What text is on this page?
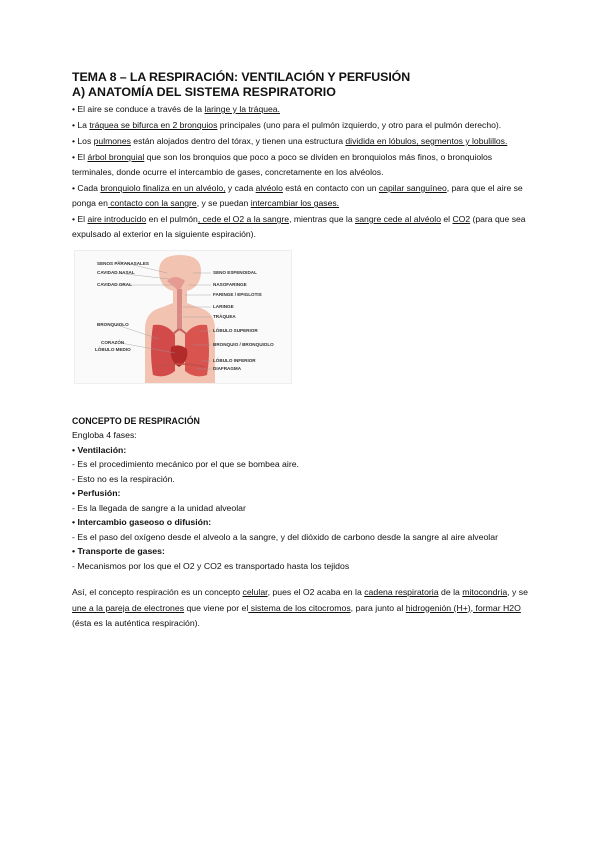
TEMA 8 – LA RESPIRACIÓN: VENTILACIÓN Y PERFUSIÓN
A) ANATOMÍA DEL SISTEMA RESPIRATORIO

• El aire se conduce a través de la laringe y la tráquea.

• La tráquea se bifurca en 2 bronquios principales (uno para el pulmón izquierdo, y otro para el pulmón derecho).

• Los pulmones están alojados dentro del tórax, y tienen una estructura dividida en lóbulos, segmentos y lobulillos.

• El árbol bronquial que son los bronquios que poco a poco se dividen en bronquiolos más finos, o bronquiolos terminales, donde ocurre el intercambio de gases, concretamente en los alvéolos.

• Cada bronquiolo finaliza en un alvéolo, y cada alvéolo está en contacto con un capilar sanguíneo, para que el aire se ponga en contacto con la sangre, y se puedan intercambiar los gases.

• El aire introducido en el pulmón, cede el O2 a la sangre, mientras que la sangre cede al alvéolo el CO2 (para que sea expulsado al exterior en la siguiente espiración).

SENOS PARANASALES
CAVIDAD NASAL
CAVIDAD ORAL
BRONQUIOLO
CORAZÓN
LÓBULO MEDIO
SENO ESFENOIDAL
NASOFARINGE
FARINGE / EPIGLOTIS
LARINGE
TRÁQUEA
LÓBULO SUPERIOR
BRONQUIO / BRONQUIOLO
LÓBULO INFERIOR
DIAFRAGMA
CONCEPTO DE RESPIRACIÓN

Engloba 4 fases:

• Ventilación:

- Es el procedimiento mecánico por el que se bombea aire.

- Esto no es la respiración.

• Perfusión:

- Es la llegada de sangre a la unidad alveolar

• Intercambio gaseoso o difusión:

- Es el paso del oxígeno desde el alveolo a la sangre, y del dióxido de carbono desde la sangre al aire alveolar

• Transporte de gases:

- Mecanismos por los que el O2 y CO2 es transportado hasta los tejidos

Así, el concepto respiración es un concepto celular, pues el O2 acaba en la cadena respiratoria de la mitocondria, y se une a la pareja de electrones que viene por el sistema de los citocromos, para junto al hidrogenión (H+), formar H2O (ésta es la auténtica respiración).
